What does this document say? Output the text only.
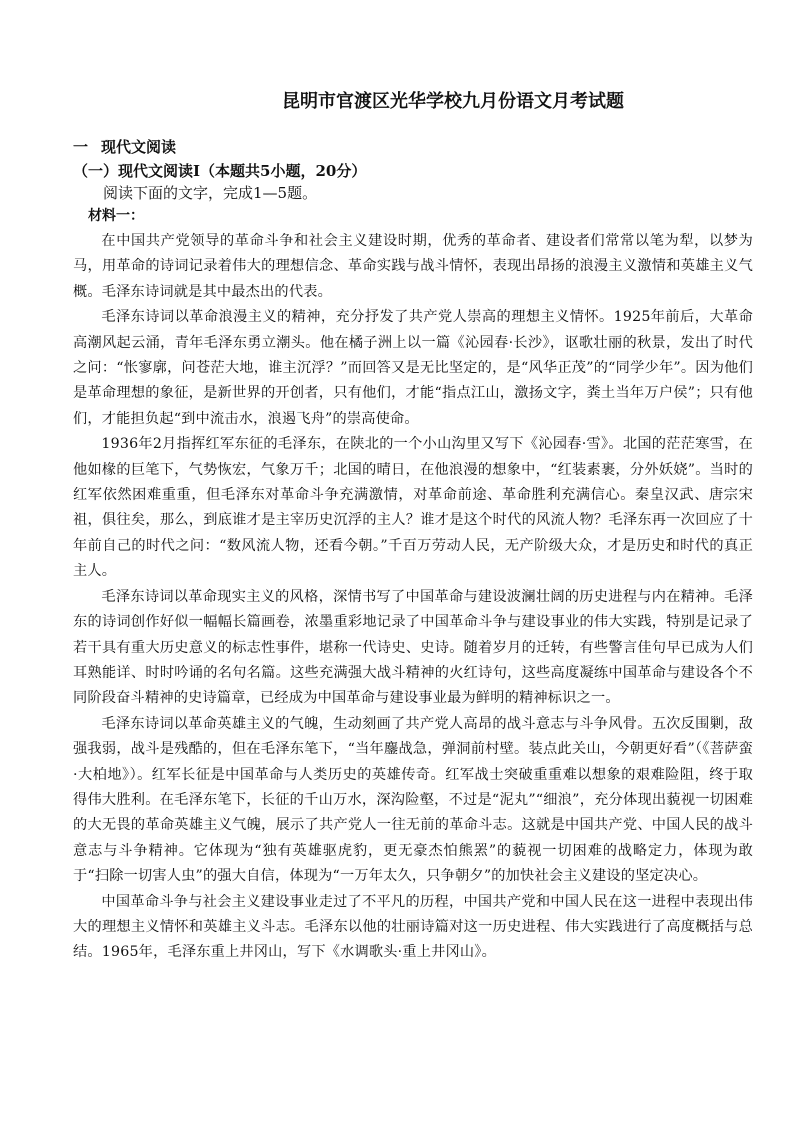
昆明市官渡区光华学校九月份语文月考试题
一 现代文阅读
（一）现代文阅读Ⅰ（本题共5小题，20分）
阅读下面的文字，完成1—5题。
材料一：

在中国共产党领导的革命斗争和社会主义建设时期，优秀的革命者、建设者们常常以笔为犁，以梦为马，用革命的诗词记录着伟大的理想信念、革命实践与战斗情怀，表现出昂扬的浪漫主义激情和英雄主义气概。毛泽东诗词就是其中最杰出的代表。

毛泽东诗词以革命浪漫主义的精神，充分抒发了共产党人崇高的理想主义情怀。1925年前后，大革命高潮风起云涌，青年毛泽东勇立潮头。他在橘子洲上以一篇《沁园春·长沙》，讴歌壮丽的秋景，发出了时代之问：“怅寥廓，问苍茫大地，谁主沉浮？”而回答又是无比坚定的，是“风华正茂”的“同学少年”。因为他们是革命理想的象征，是新世界的开创者，只有他们，才能“指点江山，激扬文字，粪土当年万户侯”；只有他们，才能担负起“到中流击水，浪遏飞舟”的崇高使命。

1936年2月指挥红军东征的毛泽东，在陕北的一个小山沟里又写下《沁园春·雪》。北国的茫茫寒雪，在他如椽的巨笔下，气势恢宏，气象万千；北国的晴日，在他浪漫的想象中，“红装素裹，分外妖娆”。当时的红军依然困难重重，但毛泽东对革命斗争充满激情，对革命前途、革命胜利充满信心。秦皇汉武、唐宗宋祖，俱往矣，那么，到底谁才是主宰历史沉浮的主人？谁才是这个时代的风流人物？毛泽东再一次回应了十年前自己的时代之问：“数风流人物，还看今朝。”千百万劳动人民，无产阶级大众，才是历史和时代的真正主人。

毛泽东诗词以革命现实主义的风格，深情书写了中国革命与建设波澜壮阔的历史进程与内在精神。毛泽东的诗词创作好似一幅幅长篇画卷，浓墨重彩地记录了中国革命斗争与建设事业的伟大实践，特别是记录了若干具有重大历史意义的标志性事件，堪称一代诗史、史诗。随着岁月的迁转，有些警言佳句早已成为人们耳熟能详、时时吟诵的名句名篇。这些充满强大战斗精神的火红诗句，这些高度凝练中国革命与建设各个不同阶段奋斗精神的史诗篇章，已经成为中国革命与建设事业最为鲜明的精神标识之一。

毛泽东诗词以革命英雄主义的气魄，生动刻画了共产党人高昂的战斗意志与斗争风骨。五次反围剿，敌强我弱，战斗是残酷的，但在毛泽东笔下，“当年鏖战急，弹洞前村壁。装点此关山，今朝更好看”（《菩萨蛮·大柏地》）。红军长征是中国革命与人类历史的英雄传奇。红军战士突破重重难以想象的艰难险阻，终于取得伟大胜利。在毛泽东笔下，长征的千山万水，深沟险壑，不过是“泥丸”“细浪”，充分体现出藐视一切困难的大无畏的革命英雄主义气魄，展示了共产党人一往无前的革命斗志。这就是中国共产党、中国人民的战斗意志与斗争精神。它体现为“独有英雄驱虎豹，更无豪杰怕熊罴”的藐视一切困难的战略定力，体现为敢于“扫除一切害人虫”的强大自信，体现为“一万年太久，只争朝夕”的加快社会主义建设的坚定决心。

中国革命斗争与社会主义建设事业走过了不平凡的历程，中国共产党和中国人民在这一进程中表现出伟大的理想主义情怀和英雄主义斗志。毛泽东以他的壮丽诗篇对这一历史进程、伟大实践进行了高度概括与总结。1965年，毛泽东重上井冈山，写下《水调歌头·重上井冈山》。
